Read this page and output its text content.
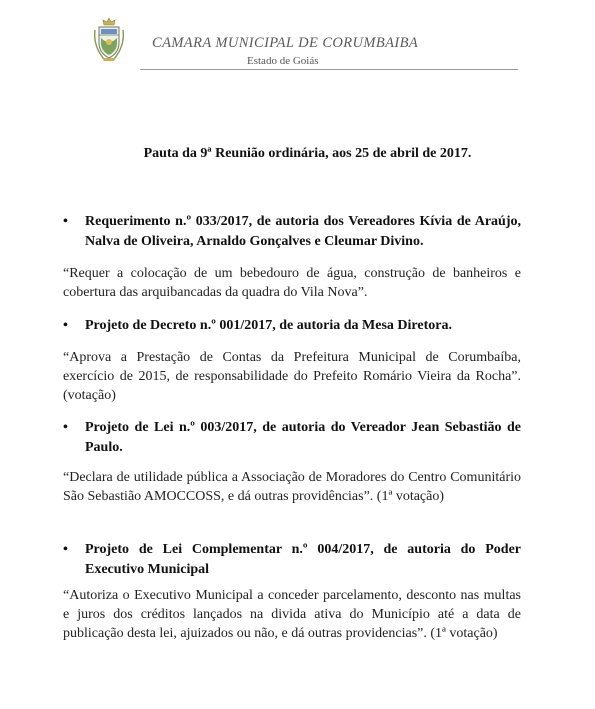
CAMARA MUNICIPAL DE CORUMBAIBA
Estado de Goiás
Pauta da 9ª Reunião ordinária, aos 25 de abril de 2017.
•	Requerimento n.º 033/2017, de autoria dos Vereadores Kívia de Araújo, Nalva de Oliveira, Arnaldo Gonçalves e Cleumar Divino.
“Requer a colocação de um bebedouro de água, construção de banheiros e cobertura das arquibancadas da quadra do Vila Nova”.
•	Projeto de Decreto n.º 001/2017, de autoria da Mesa Diretora.
“Aprova a Prestação de Contas da Prefeitura Municipal de Corumbaíba, exercício de 2015, de responsabilidade do Prefeito Romário Vieira da Rocha”. (votação)
•	Projeto de Lei n.º 003/2017, de autoria do Vereador Jean Sebastião de Paulo.
“Declara de utilidade pública a Associação de Moradores do Centro Comunitário São Sebastião AMOCCOSS, e dá outras providências”. (1ª votação)
•	Projeto de Lei Complementar n.º 004/2017, de autoria do Poder Executivo Municipal
“Autoriza o Executivo Municipal a conceder parcelamento, desconto nas multas e juros dos créditos lançados na divida ativa do Município até a data de publicação desta lei, ajuizados ou não, e dá outras providencias”. (1ª votação)
